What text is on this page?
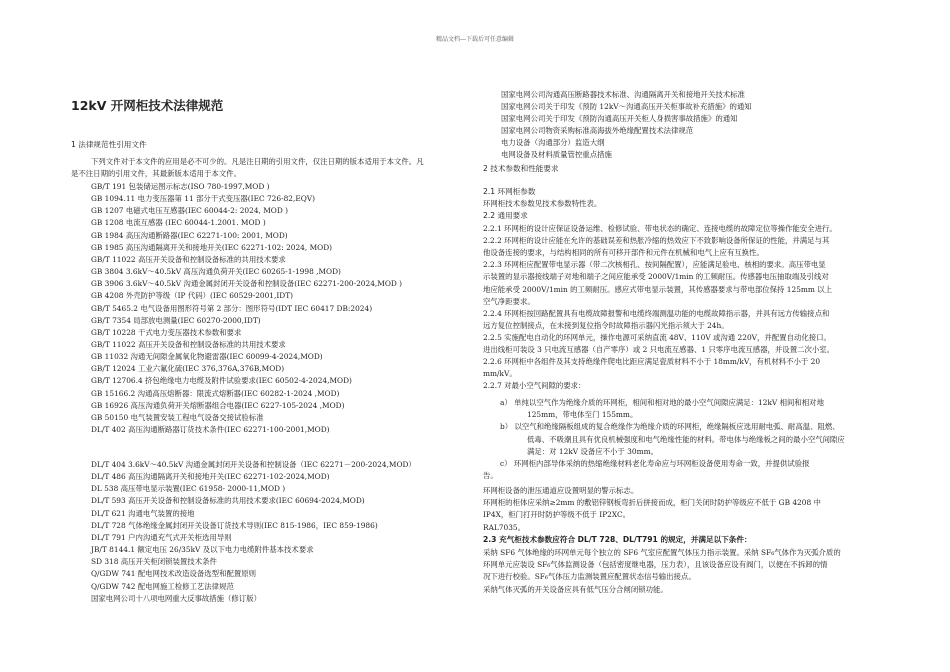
精品文档---下载后可任意编辑
12kV 开网柜技术法律规范
1 法律规范性引用文件
下列文件对于本文件的应用是必不可少的。凡是注日期的引用文件，仅注日期的版本适用于本文件。凡
是不注日期的引用文件，其最新版本适用于本文件。
GB/T 191 包装储运图示标志(ISO 780-1997,MOD )
GB 1094.11 电力变压器第 11 部分干式变压器(IEC 726-82,EQV)
GB 1207 电磁式电压互感器(IEC 60044-2: 2024, MOD )
GB 1208 电流互感器 (IEC 60044-1.2001. MOD )
GB 1984 高压沟通断路器(IEC 62271-100: 2001, MOD)
GB 1985 高压沟通隔离开关和接地开关(IEC 62271-102: 2024, MOD)
GB/T 11022 高压开关设备和控制设备标准的共用技术要求
GB 3804 3.6kV～40.5kV 高压沟通负荷开关(IEC 60265-1-1998 ,MOD)
GB 3906 3.6kV～40.5kV 沟通金属封闭开关设备和控制设备(IEC 62271-200-2024,MOD )
GB 4208 外壳防护等级（IP 代码）(IEC 60529-2001,IDT)
GB/T 5465.2 电气设备用图形符号第 2 部分：图形符号(IDT IEC 60417 DB:2024)
GB/T 7354 局部放电测量(IEC 60270-2000,IDT)
GB/T 10228 干式电力变压器技术参数和要求
GB/T 11022 高压开关设备和控制设备标准的共用技术要求
GB 11032 沟通无间隙金属氧化物避雷器(IEC 60099-4-2024,MOD)
GB/T 12024 工业六氟化硫(IEC 376,376A,376B,MOD)
GB/T 12706.4 挤包绝缘电力电缆及附件试验要求(IEC 60502-4-2024,MOD)
GB 15166.2 沟通高压熔断器：限流式熔断器(IEC 60282-1-2024 ,MOD)
GB 16926 高压沟通负荷开关熔断器组合电器(IEC 6227-105-2024 ,MOD)
GB 50150 电气装置安装工程电气设备交接试验标准
DL/T 402 高压沟通断路器订货技术条件(IEC 62271-100-2001,MOD)
DL/T 404 3.6kV～40.5kV 沟通金属封闭开关设备和控制设备（IEC 62271－200-2024,MOD）
DL/T 486 高压沟通隔离开关和接地开关(IEC 62271-102-2024,MOD)
DL 538 高压带电显示装置(IEC 61958- 2000-11,MOD )
DL/T 593 高压开关设备和控制设备标准的共用技术要求(IEC 60694-2024,MOD)
DL/T 621 沟通电气装置的接地
DL/T 728 气体绝缘金属封闭开关设备订货技术导则(IEC 815-1986，IEC 859-1986)
DL/T 791 户内沟通充气式开关柜选用导则
JB/T 8144.1 额定电压 26/35kV 及以下电力电缆附件基本技术要求
SD 318 高压开关柜闭锁装置技术条件
Q/GDW 741 配电网技术改造设备选型和配置原则
Q/GDW 742 配电网施工检修工艺法律规范
国家电网公司十八项电网重大反事故措施（修订版）
国家电网公司沟通高压断路器技术标准、沟通隔离开关和接地开关技术标准
国家电网公司关于印发《预防 12kV～沟通高压开关柜事故补充措施》的通知
国家电网公司关于印发《预防沟通高压开关柜人身损害事故措施》的通知
国家电网公司物资采购标准高海拔外绝缘配置技术法律规范
电力设备（沟通部分）监造大纲
电网设备及材料质量管控重点措施
2 技术参数和性能要求
2.1 环网柜参数
环网柜技术参数见技术参数特性表。
2.2 通用要求
2.2.1 环网柜的设计应保证设备运维、检修试验、带电状态的确定、连接电缆的故障定位等操作能安全进行。
2.2.2 环网柜的设计应能在允许的基础误差和热胀冷缩的热效应下不致影响设备所保证的性能，并满足与其
他设备连接的要求，与结构相同的所有可移开部件和元件在机械和电气上应有互换性。
2.2.3 环网柜应配置带电显示器（带二次核相孔、按间隔配置），应能满足验电、核相的要求。高压带电显
示装置的显示器接线端子对地和端子之间应能承受 2000V/1min 的工频耐压。传感器电压抽取端及引线对
地应能承受 2000V/1min 的工频耐压。感应式带电显示装置，其传感器要求与带电部位保持 125mm 以上
空气净距要求。
2.2.4 环网柜按回路配置具有电缆故障报警和电缆终端测温功能的电缆故障指示器，并具有远方传输接点和
远方复位控制接点，在未接到复位指令时故障指示器闪光指示须大于 24h。
2.2.5 实施配电自动化的环网单元，操作电源可采纳直流 48V、110V 或沟通 220V，并配置自动化接口。
进出线柜可装设 3 只电流互感器（自产零序）或 2 只电流互感器、1 只零序电流互感器，并设置二次小室。
2.2.6 环网柜中各组件及其支持绝缘件爬电比距应满足瓷质材料不小于 18mm/kV，有机材料不小于 20
mm/kV。
2.2.7 对最小空气间隙的要求：
a） 单纯以空气作为绝缘介质的环网柜，相间和相对地的最小空气间隙应满足：12kV 相间和相对地
125mm，带电体至门 155mm。
b） 以空气和绝缘隔板组成的复合绝缘作为绝缘介质的环网柜，绝缘隔板应选用耐电弧、耐高温、阻燃、
低毒、不吸潮且具有优良机械强度和电气绝缘性能的材料。带电体与绝缘板之间的最小空气间隙应
满足：对 12kV 设备应不小于 30mm。
c） 环网柜内部导体采纳的热缩绝缘材料老化寿命应与环网柜设备使用寿命一致，并提供试验报
告。
环网柜设备的泄压通道应设置明显的警示标志。
环网柜的柜体应采纳≥2mm 的敷铝锌钢板弯折后拼接而成，柜门关闭时防护等级应不低于 GB 4208 中
IP4X，柜门打开时防护等级不低于 IP2XC。
RAL7035。
2.3 充气柜技术参数应符合 DL/T 728、DL/T791 的规定，并满足以下条件：
采纳 SF6 气体绝缘的环网单元每个独立的 SF6 气室应配置气体压力指示装置。采纳 SF₆气体作为灭弧介质的
环网单元应装设 SF₆气体监测设备（包括密度继电器，压力表），且该设备应设有阀门，以便在不拆卸的情
况下进行校验。SF₆气体压力监测装置应配置状态信号输出接点。
采纳气体灭弧的开关设备应具有低气压分合闸闭锁功能。
